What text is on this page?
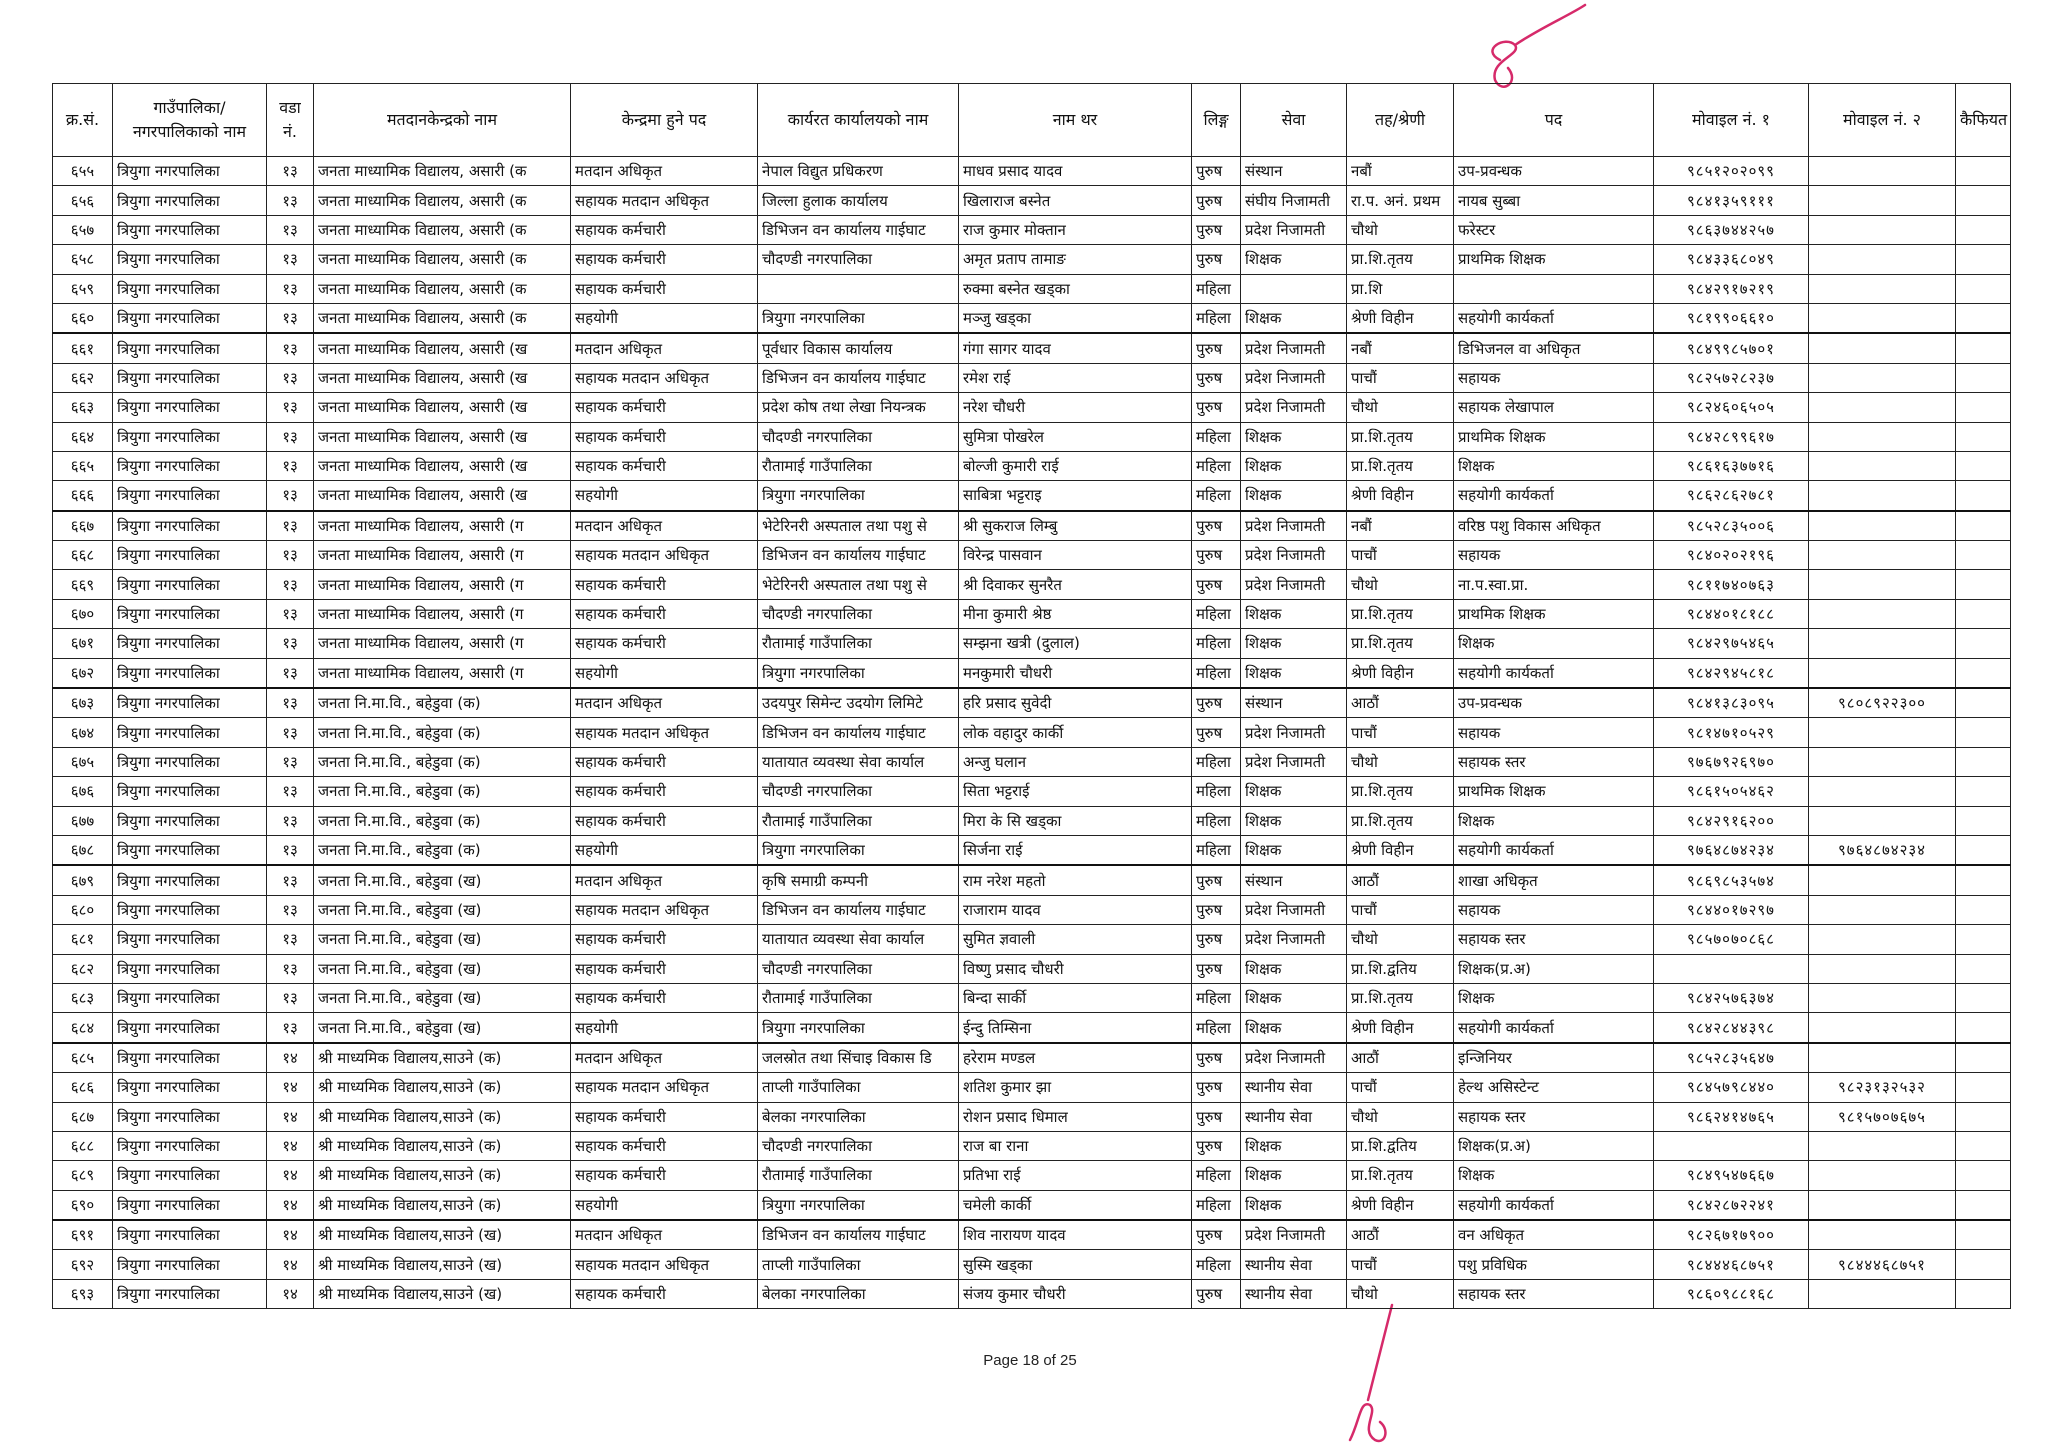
क्र.सं.	गाउँपालिका/नगरपालिकाको नाम	वडा नं.	मतदानकेन्द्रको नाम	केन्द्रमा हुने पद	कार्यरत कार्यालयको नाम	नाम थर	लिङ्ग	सेवा	तह/श्रेणी	पद	मोवाइल नं. १	मोवाइल नं. २	कैफियत
६५५	त्रियुगा नगरपालिका	१३	जनता माध्यामिक विद्यालय, असारी (क	मतदान अधिकृत	नेपाल विद्युत प्रधिकरण	माधव प्रसाद यादव	पुरुष	संस्थान	नबौं	उप-प्रवन्धक	९८५१२०२०९९		
६५६	त्रियुगा नगरपालिका	१३	जनता माध्यामिक विद्यालय, असारी (क	सहायक मतदान अधिकृत	जिल्ला हुलाक कार्यालय	खिलाराज बस्नेत	पुरुष	संघीय निजामती	रा.प. अनं. प्रथम	नायब सुब्बा	९८४१३५९१११		
६५७	त्रियुगा नगरपालिका	१३	जनता माध्यामिक विद्यालय, असारी (क	सहायक कर्मचारी	डिभिजन वन कार्यालय गाईघाट	राज कुमार मोक्तान	पुरुष	प्रदेश निजामती	चौथो	फरेस्टर	९८६३७४४२५७		
६५८	त्रियुगा नगरपालिका	१३	जनता माध्यामिक विद्यालय, असारी (क	सहायक कर्मचारी	चौदण्डी नगरपालिका	अमृत प्रताप तामाङ	पुरुष	शिक्षक	प्रा.शि.तृतय	प्राथमिक शिक्षक	९८४३३६८०४९		
६५९	त्रियुगा नगरपालिका	१३	जनता माध्यामिक विद्यालय, असारी (क	सहायक कर्मचारी		रुक्मा बस्नेत खड्का	महिला		प्रा.शि		९८४२९१७२१९		
६६०	त्रियुगा नगरपालिका	१३	जनता माध्यामिक विद्यालय, असारी (क	सहयोगी	त्रियुगा नगरपालिका	मञ्जु खड्का	महिला	शिक्षक	श्रेणी विहीन	सहयोगी कार्यकर्ता	९८१९९०६६१०		
६६१	त्रियुगा नगरपालिका	१३	जनता माध्यामिक विद्यालय, असारी (ख	मतदान अधिकृत	पूर्वधार विकास कार्यालय	गंगा सागर यादव	पुरुष	प्रदेश निजामती	नबौं	डिभिजनल वा अधिकृत	९८४९९८५७०१		
६६२	त्रियुगा नगरपालिका	१३	जनता माध्यामिक विद्यालय, असारी (ख	सहायक मतदान अधिकृत	डिभिजन वन कार्यालय गाईघाट	रमेश राई	पुरुष	प्रदेश निजामती	पाचौं	सहायक	९८२५७२८२३७		
६६३	त्रियुगा नगरपालिका	१३	जनता माध्यामिक विद्यालय, असारी (ख	सहायक कर्मचारी	प्रदेश कोष तथा लेखा नियन्त्रक	नरेश चौधरी	पुरुष	प्रदेश निजामती	चौथो	सहायक लेखापाल	९८२४६०६५०५		
६६४	त्रियुगा नगरपालिका	१३	जनता माध्यामिक विद्यालय, असारी (ख	सहायक कर्मचारी	चौदण्डी नगरपालिका	सुमित्रा पोखरेल	महिला	शिक्षक	प्रा.शि.तृतय	प्राथमिक शिक्षक	९८४२८९९६१७		
६६५	त्रियुगा नगरपालिका	१३	जनता माध्यामिक विद्यालय, असारी (ख	सहायक कर्मचारी	रौतामाई गाउँपालिका	बोल्जी कुमारी राई	महिला	शिक्षक	प्रा.शि.तृतय	शिक्षक	९८६१६३७७१६		
६६६	त्रियुगा नगरपालिका	१३	जनता माध्यामिक विद्यालय, असारी (ख	सहयोगी	त्रियुगा नगरपालिका	साबित्रा भट्टराइ	महिला	शिक्षक	श्रेणी विहीन	सहयोगी कार्यकर्ता	९८६२८६२७८१		
६६७	त्रियुगा नगरपालिका	१३	जनता माध्यामिक विद्यालय, असारी (ग	मतदान अधिकृत	भेटेरिनरी अस्पताल तथा पशु से	श्री सुकराज लिम्बु	पुरुष	प्रदेश निजामती	नबौं	वरिष्ठ पशु विकास अधिकृत	९८५२८३५००६		
६६८	त्रियुगा नगरपालिका	१३	जनता माध्यामिक विद्यालय, असारी (ग	सहायक मतदान अधिकृत	डिभिजन वन कार्यालय गाईघाट	विरेन्द्र पासवान	पुरुष	प्रदेश निजामती	पाचौं	सहायक	९८४०२०२१९६		
६६९	त्रियुगा नगरपालिका	१३	जनता माध्यामिक विद्यालय, असारी (ग	सहायक कर्मचारी	भेटेरिनरी अस्पताल तथा पशु से	श्री दिवाकर सुनरैत	पुरुष	प्रदेश निजामती	चौथो	ना.प.स्वा.प्रा.	९८११७४०७६३		
६७०	त्रियुगा नगरपालिका	१३	जनता माध्यामिक विद्यालय, असारी (ग	सहायक कर्मचारी	चौदण्डी नगरपालिका	मीना कुमारी श्रेष्ठ	महिला	शिक्षक	प्रा.शि.तृतय	प्राथमिक शिक्षक	९८४४०१८१८८		
६७१	त्रियुगा नगरपालिका	१३	जनता माध्यामिक विद्यालय, असारी (ग	सहायक कर्मचारी	रौतामाई गाउँपालिका	सम्झना खत्री (दुलाल)	महिला	शिक्षक	प्रा.शि.तृतय	शिक्षक	९८४२९७५४६५		
६७२	त्रियुगा नगरपालिका	१३	जनता माध्यामिक विद्यालय, असारी (ग	सहयोगी	त्रियुगा नगरपालिका	मनकुमारी चौधरी	महिला	शिक्षक	श्रेणी विहीन	सहयोगी कार्यकर्ता	९८४२९४५८१८		
६७३	त्रियुगा नगरपालिका	१३	जनता नि.मा.वि., बहेडुवा (क)	मतदान अधिकृत	उदयपुर सिमेन्ट उदयोग लिमिटे	हरि प्रसाद सुवेदी	पुरुष	संस्थान	आठौं	उप-प्रवन्धक	९८४१३८३०९५	९८०८९२२३००	
६७४	त्रियुगा नगरपालिका	१३	जनता नि.मा.वि., बहेडुवा (क)	सहायक मतदान अधिकृत	डिभिजन वन कार्यालय गाईघाट	लोक वहादुर कार्की	पुरुष	प्रदेश निजामती	पाचौं	सहायक	९८१४७१०५२९		
६७५	त्रियुगा नगरपालिका	१३	जनता नि.मा.वि., बहेडुवा (क)	सहायक कर्मचारी	यातायात व्यवस्था सेवा कार्याल	अन्जु घलान	महिला	प्रदेश निजामती	चौथो	सहायक स्तर	९७६७९२६९७०		
६७६	त्रियुगा नगरपालिका	१३	जनता नि.मा.वि., बहेडुवा (क)	सहायक कर्मचारी	चौदण्डी नगरपालिका	सिता भट्टराई	महिला	शिक्षक	प्रा.शि.तृतय	प्राथमिक शिक्षक	९८६१५०५४६२		
६७७	त्रियुगा नगरपालिका	१३	जनता नि.मा.वि., बहेडुवा (क)	सहायक कर्मचारी	रौतामाई गाउँपालिका	मिरा के सि खड्का	महिला	शिक्षक	प्रा.शि.तृतय	शिक्षक	९८४२९१६२००		
६७८	त्रियुगा नगरपालिका	१३	जनता नि.मा.वि., बहेडुवा (क)	सहयोगी	त्रियुगा नगरपालिका	सिर्जना राई	महिला	शिक्षक	श्रेणी विहीन	सहयोगी कार्यकर्ता	९७६४८७४२३४	९७६४८७४२३४	
६७९	त्रियुगा नगरपालिका	१३	जनता नि.मा.वि., बहेडुवा (ख)	मतदान अधिकृत	कृषि समाग्री कम्पनी	राम नरेश महताे	पुरुष	संस्थान	आठौं	शाखा अधिकृत	९८६९८५३५७४		
६८०	त्रियुगा नगरपालिका	१३	जनता नि.मा.वि., बहेडुवा (ख)	सहायक मतदान अधिकृत	डिभिजन वन कार्यालय गाईघाट	राजाराम यादव	पुरुष	प्रदेश निजामती	पाचौं	सहायक	९८४४०१७२९७		
६८१	त्रियुगा नगरपालिका	१३	जनता नि.मा.वि., बहेडुवा (ख)	सहायक कर्मचारी	यातायात व्यवस्था सेवा कार्याल	सुुमित ज्ञवाली	पुरुष	प्रदेश निजामती	चौथो	सहायक स्तर	९८५७०७०८६८		
६८२	त्रियुगा नगरपालिका	१३	जनता नि.मा.वि., बहेडुवा (ख)	सहायक कर्मचारी	चौदण्डी नगरपालिका	विष्णु प्रसाद चौधरी	पुरुष	शिक्षक	प्रा.शि.द्वतिय	शिक्षक(प्र.अ)			
६८३	त्रियुगा नगरपालिका	१३	जनता नि.मा.वि., बहेडुवा (ख)	सहायक कर्मचारी	रौतामाई गाउँपालिका	बिन्दा सार्की	महिला	शिक्षक	प्रा.शि.तृतय	शिक्षक	९८४२५७६३७४		
६८४	त्रियुगा नगरपालिका	१३	जनता नि.मा.वि., बहेडुवा (ख)	सहयोगी	त्रियुगा नगरपालिका	ईन्दु तिम्सिना	महिला	शिक्षक	श्रेणी विहीन	सहयोगी कार्यकर्ता	९८४२८४४३९८		
६८५	त्रियुगा नगरपालिका	१४	श्री माध्यमिक विद्यालय,साउने (क)	मतदान अधिकृत	जलस्रोत तथा सिंचाइ विकास डि	हरेराम मण्डल	पुरुष	प्रदेश निजामती	आठौं	इन्जिनियर	९८५२८३५६४७		
६८६	त्रियुगा नगरपालिका	१४	श्री माध्यमिक विद्यालय,साउने (क)	सहायक मतदान अधिकृत	ताप्ली गाउँपालिका	शतिश कुमार झा	पुरुष	स्थानीय सेवा	पाचौं	हेल्थ असिस्टेन्ट	९८४५७९८४४०	९८२३१३२५३२	
६८७	त्रियुगा नगरपालिका	१४	श्री माध्यमिक विद्यालय,साउने (क)	सहायक कर्मचारी	बेलका नगरपालिका	रोशन प्रसाद धिमाल	पुरुष	स्थानीय सेवा	चौथो	सहायक स्तर	९८६२४१४७६५	९८१५७०७६७५	
६८८	त्रियुगा नगरपालिका	१४	श्री माध्यमिक विद्यालय,साउने (क)	सहायक कर्मचारी	चौदण्डी नगरपालिका	राज बा राना	पुरुष	शिक्षक	प्रा.शि.द्वतिय	शिक्षक(प्र.अ)			
६८९	त्रियुगा नगरपालिका	१४	श्री माध्यमिक विद्यालय,साउने (क)	सहायक कर्मचारी	रौतामाई गाउँपालिका	प्रतिभा राई	महिला	शिक्षक	प्रा.शि.तृतय	शिक्षक	९८४९५४७६६७		
६९०	त्रियुगा नगरपालिका	१४	श्री माध्यमिक विद्यालय,साउने (क)	सहयोगी	त्रियुगा नगरपालिका	चमेली कार्की	महिला	शिक्षक	श्रेणी विहीन	सहयोगी कार्यकर्ता	९८४२८७२२४१		
६९१	त्रियुगा नगरपालिका	१४	श्री माध्यमिक विद्यालय,साउने (ख)	मतदान अधिकृत	डिभिजन वन कार्यालय गाईघाट	शिव नारायण यादव	पुरुष	प्रदेश निजामती	आठौं	वन अधिकृत	९८२६७१७९००		
६९२	त्रियुगा नगरपालिका	१४	श्री माध्यमिक विद्यालय,साउने (ख)	सहायक मतदान अधिकृत	ताप्ली गाउँपालिका	सुस्मि खड्का	महिला	स्थानीय सेवा	पाचौं	पशु प्रविधिक	९८४४४६८७५१	९८४४४६८७५१	
६९३	त्रियुगा नगरपालिका	१४	श्री माध्यमिक विद्यालय,साउने (ख)	सहायक कर्मचारी	बेलका नगरपालिका	संजय कुमार चौधरी	पुरुष	स्थानीय सेवा	चौथो	सहायक स्तर	९८६०९८८१६८		
Page 18 of 25
